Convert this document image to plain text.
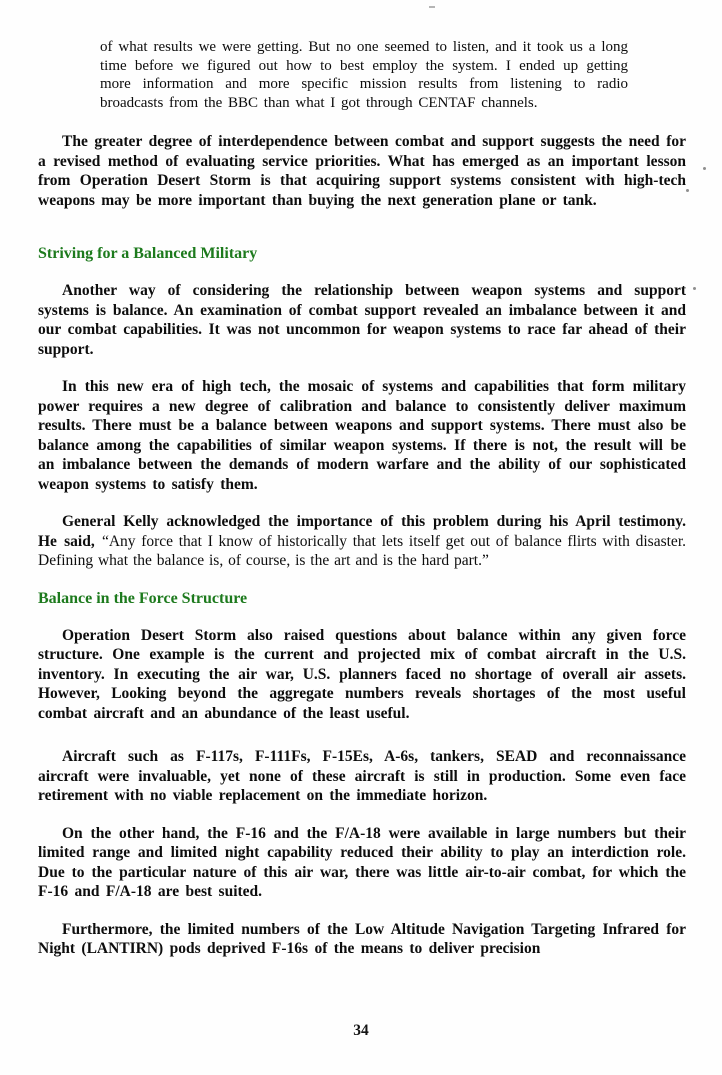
of what results we were getting. But no one seemed to listen, and it took us a long time before we figured out how to best employ the system. I ended up getting more information and more specific mission results from listening to radio broadcasts from the BBC than what I got through CENTAF channels.

The greater degree of interdependence between combat and support suggests the need for a revised method of evaluating service priorities. What has emerged as an important lesson from Operation Desert Storm is that acquiring support systems consistent with high-tech weapons may be more important than buying the next generation plane or tank.

Striving for a Balanced Military

Another way of considering the relationship between weapon systems and support systems is balance. An examination of combat support revealed an imbalance between it and our combat capabilities. It was not uncommon for weapon systems to race far ahead of their support.

In this new era of high tech, the mosaic of systems and capabilities that form military power requires a new degree of calibration and balance to consistently deliver maximum results. There must be a balance between weapons and support systems. There must also be balance among the capabilities of similar weapon systems. If there is not, the result will be an imbalance between the demands of modern warfare and the ability of our sophisticated weapon systems to satisfy them.

General Kelly acknowledged the importance of this problem during his April testimony. He said, “Any force that I know of historically that lets itself get out of balance flirts with disaster. Defining what the balance is, of course, is the art and is the hard part.”

Balance in the Force Structure

Operation Desert Storm also raised questions about balance within any given force structure. One example is the current and projected mix of combat aircraft in the U.S. inventory. In executing the air war, U.S. planners faced no shortage of overall air assets. However, Looking beyond the aggregate numbers reveals shortages of the most useful combat aircraft and an abundance of the least useful.

Aircraft such as F-117s, F-111Fs, F-15Es, A-6s, tankers, SEAD and reconnaissance aircraft were invaluable, yet none of these aircraft is still in production. Some even face retirement with no viable replacement on the immediate horizon.

On the other hand, the F-16 and the F/A-18 were available in large numbers but their limited range and limited night capability reduced their ability to play an interdiction role. Due to the particular nature of this air war, there was little air-to-air combat, for which the F-16 and F/A-18 are best suited.

Furthermore, the limited numbers of the Low Altitude Navigation Targeting Infrared for Night (LANTIRN) pods deprived F-16s of the means to deliver precision

34
